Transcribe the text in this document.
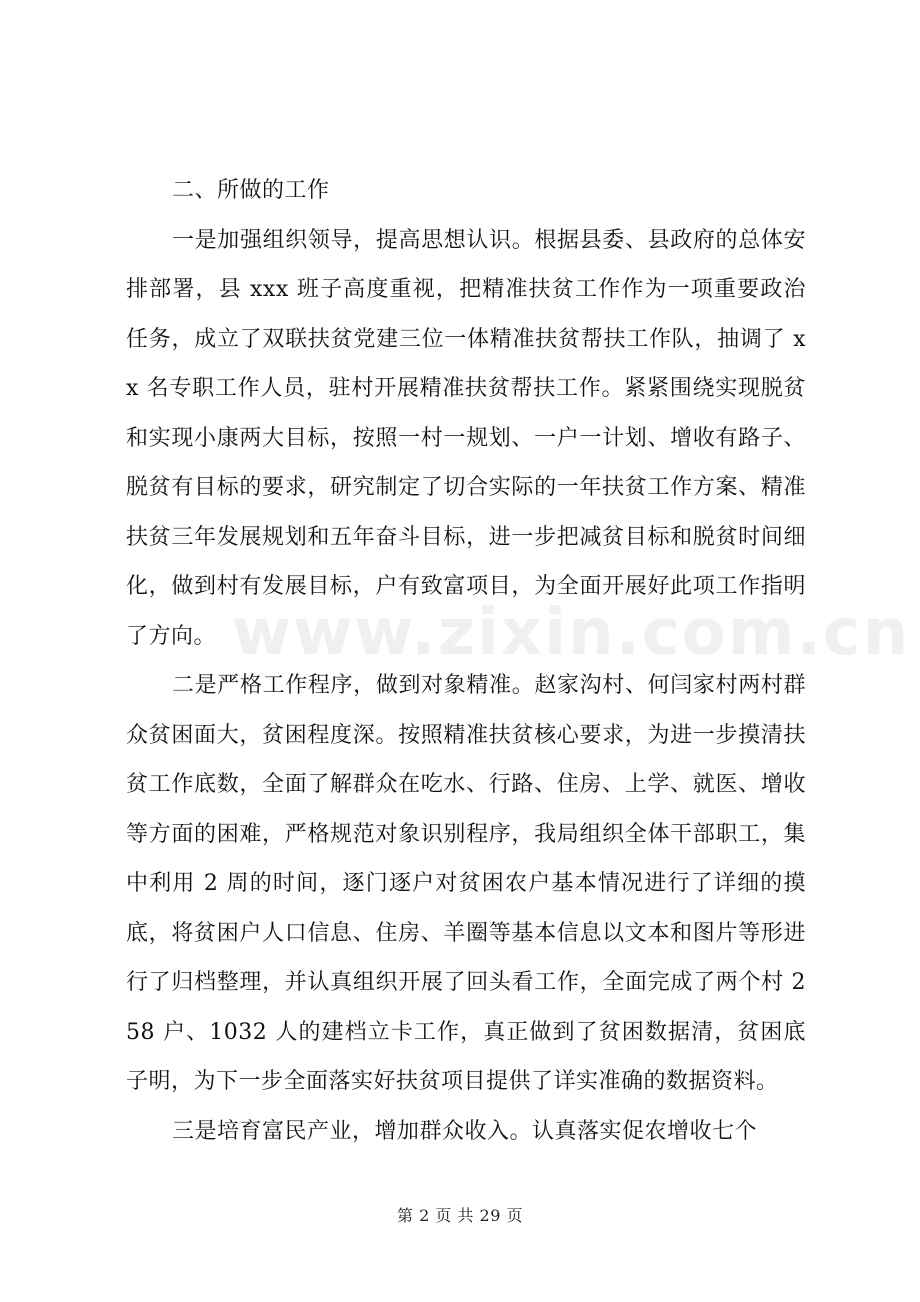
www.zixin.com.cn

二、所做的工作

一是加强组织领导，提高思想认识。根据县委、县政府的总体安排部署，县 xxx 班子高度重视，把精准扶贫工作作为一项重要政治任务，成立了双联扶贫党建三位一体精准扶贫帮扶工作队，抽调了 xx 名专职工作人员，驻村开展精准扶贫帮扶工作。紧紧围绕实现脱贫和实现小康两大目标，按照一村一规划、一户一计划、增收有路子、脱贫有目标的要求，研究制定了切合实际的一年扶贫工作方案、精准扶贫三年发展规划和五年奋斗目标，进一步把减贫目标和脱贫时间细化，做到村有发展目标，户有致富项目，为全面开展好此项工作指明了方向。

二是严格工作程序，做到对象精准。赵家沟村、何闫家村两村群众贫困面大，贫困程度深。按照精准扶贫核心要求，为进一步摸清扶贫工作底数，全面了解群众在吃水、行路、住房、上学、就医、增收等方面的困难，严格规范对象识别程序，我局组织全体干部职工，集中利用 2 周的时间，逐门逐户对贫困农户基本情况进行了详细的摸底，将贫困户人口信息、住房、羊圈等基本信息以文本和图片等形进行了归档整理，并认真组织开展了回头看工作，全面完成了两个村 258 户、1032 人的建档立卡工作，真正做到了贫困数据清，贫困底子明，为下一步全面落实好扶贫项目提供了详实准确的数据资料。

三是培育富民产业，增加群众收入。认真落实促农增收七个

第 2 页 共 29 页
